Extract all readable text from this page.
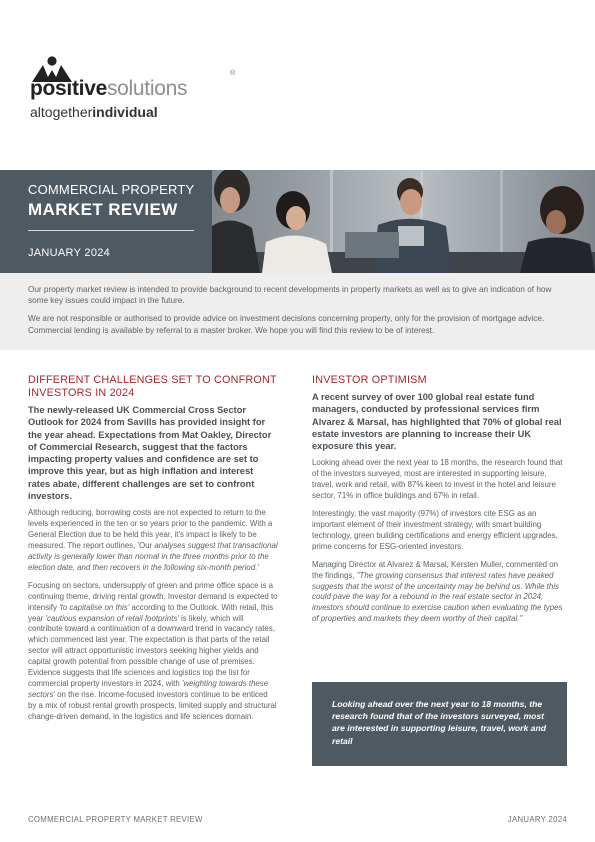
positivesolutions
®
altogetherindividual
COMMERCIAL PROPERTY
MARKET REVIEW
JANUARY 2024

Our property market review is intended to provide background to recent developments in property markets as well as to give an indication of how some key issues could impact in the future.

We are not responsible or authorised to provide advice on investment decisions concerning property, only for the provision of mortgage advice. Commercial lending is available by referral to a master broker. We hope you will find this review to be of interest.

DIFFERENT CHALLENGES SET TO CONFRONT INVESTORS IN 2024

The newly-released UK Commercial Cross Sector Outlook for 2024 from Savills has provided insight for the year ahead. Expectations from Mat Oakley, Director of Commercial Research, suggest that the factors impacting property values and confidence are set to improve this year, but as high inflation and interest rates abate, different challenges are set to confront investors.

Although reducing, borrowing costs are not expected to return to the levels experienced in the ten or so years prior to the pandemic. With a General Election due to be held this year, it's impact is likely to be measured. The report outlines, 'Our analyses suggest that transactional activity is generally lower than normal in the three months prior to the election date, and then recovers in the following six-month period.'

Focusing on sectors, undersupply of green and prime office space is a continuing theme, driving rental growth. Investor demand is expected to intensify 'to capitalise on this' according to the Outlook. With retail, this year 'cautious expansion of retail footprints' is likely, which will contribute toward a continuation of a downward trend in vacancy rates, which commenced last year. The expectation is that parts of the retail sector will attract opportunistic investors seeking higher yields and capital growth potential from possible change of use of premises. Evidence suggests that life sciences and logistics top the list for commercial property investors in 2024, with 'weighting towards these sectors' on the rise. Income-focused investors continue to be enticed by a mix of robust rental growth prospects, limited supply and structural change-driven demand, in the logistics and life sciences domain.

INVESTOR OPTIMISM

A recent survey of over 100 global real estate fund managers, conducted by professional services firm Alvarez & Marsal, has highlighted that 70% of global real estate investors are planning to increase their UK exposure this year.

Looking ahead over the next year to 18 months, the research found that of the investors surveyed, most are interested in supporting leisure, travel, work and retail, with 87% keen to invest in the hotel and leisure sector, 71% in office buildings and 67% in retail.

Interestingly, the vast majority (97%) of investors cite ESG as an important element of their investment strategy, with smart building technology, green building certifications and energy efficient upgrades, prime concerns for ESG-oriented investors.

Managing Director at Alvarez & Marsal, Kersten Muller, commented on the findings, "The growing consensus that interest rates have peaked suggests that the worst of the uncertainty may be behind us. While this could pave the way for a rebound in the real estate sector in 2024, investors should continue to exercise caution when evaluating the types of properties and markets they deem worthy of their capital."

Looking ahead over the next year to 18 months, the research found that of the investors surveyed, most are interested in supporting leisure, travel, work and retail

COMMERCIAL PROPERTY MARKET REVIEW	JANUARY 2024
